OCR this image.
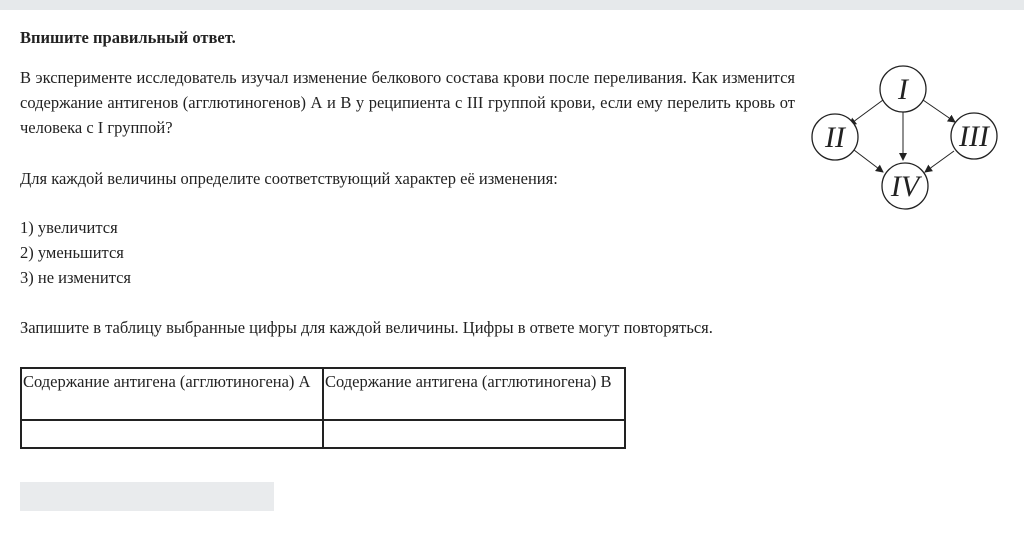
Впишите правильный ответ.
В эксперименте исследователь изучал изменение белкового состава крови после переливания. Как изменится содержание антигенов (агглютиногенов) А и В у реципиента с III группой крови, если ему перелить кровь от человека с I группой?
Для каждой величины определите соответствующий характер её изменения:
1) увеличится
2) уменьшится
3) не изменится
Запишите в таблицу выбранные цифры для каждой величины. Цифры в ответе могут повторяться.
Содержание антигена (агглютиногена) А	Содержание антигена (агглютиногена) В

I
II	III
IV
